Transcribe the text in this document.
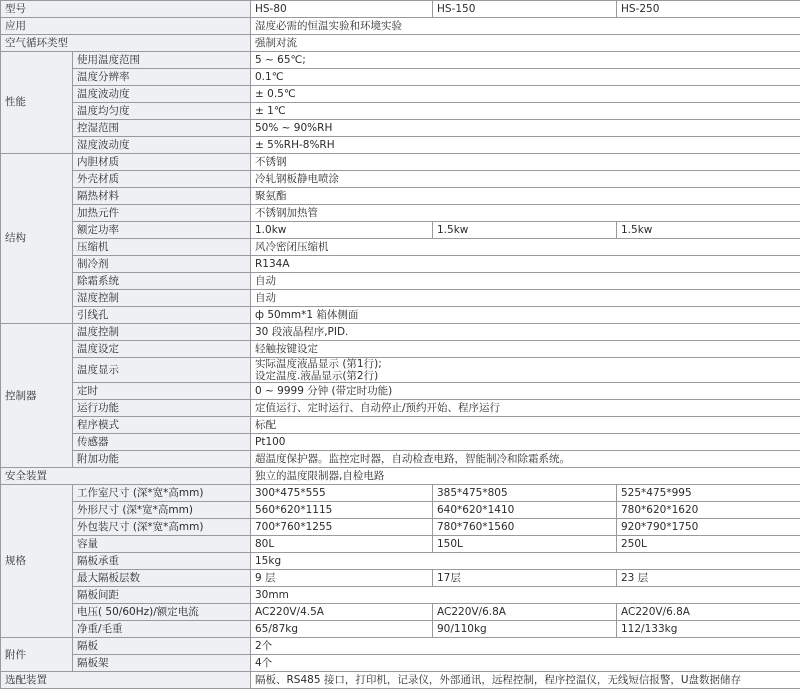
型号		HS-80	HS-150	HS-250
应用		湿度必需的恒温实验和环境实验		
空气循环类型		强制对流		
性能	使用温度范围	5 ~ 65℃;		
	温度分辨率	0.1℃		
	温度波动度	± 0.5℃		
	温度均匀度	± 1℃		
	控湿范围	50% ~ 90%RH		
	湿度波动度	± 5%RH-8%RH		
结构	内胆材质	不锈钢		
	外壳材质	冷轧钢板静电喷涂		
	隔热材料	聚氨酯		
	加热元件	不锈钢加热管		
	额定功率	1.0kw	1.5kw	1.5kw
	压缩机	风冷密闭压缩机		
	制冷剂	R134A		
	除霜系统	自动		
	湿度控制	自动		
	引线孔	ф 50mm*1 箱体侧面		
控制器	温度控制	30 段液晶程序,PID.		
	温度设定	轻触按键设定		
	温度显示	实际温度液晶显示 (第1行);
设定温度.液晶显示(第2行)		

	定时	0 ~ 9999 分钟 (带定时功能)		
	运行功能	定值运行、定时运行、自动停止/预约开始、程序运行		
	程序模式	标配		
	传感器	Pt100		
	附加功能	超温度保护器。监控定时器，自动检查电路，智能制冷和除霜系统。		
安全装置		独立的温度限制器,自检电路		
规格	工作室尺寸 (深*宽*高mm)	300*475*555	385*475*805	525*475*995
	外形尺寸 (深*宽*高mm)	560*620*1115	640*620*1410	780*620*1620
	外包装尺寸 (深*宽*高mm)	700*760*1255	780*760*1560	920*790*1750
	容量	80L	150L	250L
	隔板承重	15kg		
	最大隔板层数	9 层	17层	23 层
	隔板间距	30mm		
	电压( 50/60Hz)/额定电流	AC220V/4.5A	AC220V/6.8A	AC220V/6.8A
	净重/毛重	65/87kg	90/110kg	112/133kg
附件	隔板	2个		
	隔板架	4个		
选配装置		隔板、RS485 接口，打印机，记录仪，外部通讯，远程控制，程序控温仪，无线短信报警，U盘数据储存		
